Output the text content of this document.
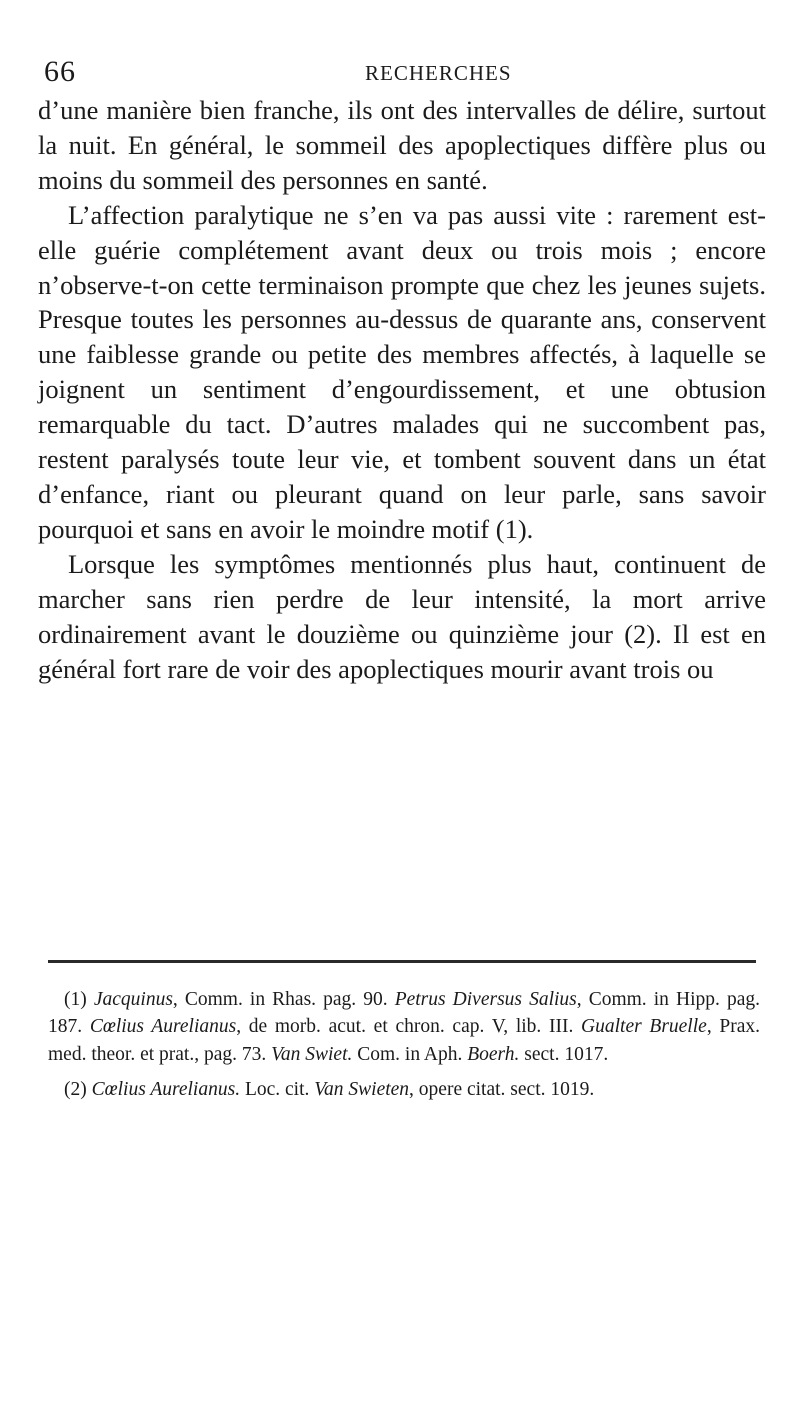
66	RECHERCHES

d’une manière bien franche, ils ont des intervalles de délire, surtout la nuit. En général, le sommeil des apoplectiques diffère plus ou moins du sommeil des personnes en santé.

L’affection paralytique ne s’en va pas aussi vite : rarement est-elle guérie complétement avant deux ou trois mois ; encore n’observe-t-on cette terminaison prompte que chez les jeunes sujets. Presque toutes les personnes au-dessus de quarante ans, conservent une faiblesse grande ou petite des membres affectés, à laquelle se joignent un sentiment d’engourdissement, et une obtusion remarquable du tact. D’autres malades qui ne succombent pas, restent paralysés toute leur vie, et tombent souvent dans un état d’enfance, riant ou pleurant quand on leur parle, sans savoir pourquoi et sans en avoir le moindre motif (1).

Lorsque les symptômes mentionnés plus haut, continuent de marcher sans rien perdre de leur intensité, la mort arrive ordinairement avant le douzième ou quinzième jour (2). Il est en général fort rare de voir des apoplectiques mourir avant trois ou

(1) Jacquinus, Comm. in Rhas. pag. 90. Petrus Diversus Salius, Comm. in Hipp. pag. 187. Cœlius Aurelianus, de morb. acut. et chron. cap. V, lib. III. Gualter Bruelle, Prax. med. theor. et prat., pag. 73. Van Swiet. Com. in Aph. Boerh. sect. 1017.

(2) Cœlius Aurelianus. Loc. cit. Van Swieten, opere citat. sect. 1019.
